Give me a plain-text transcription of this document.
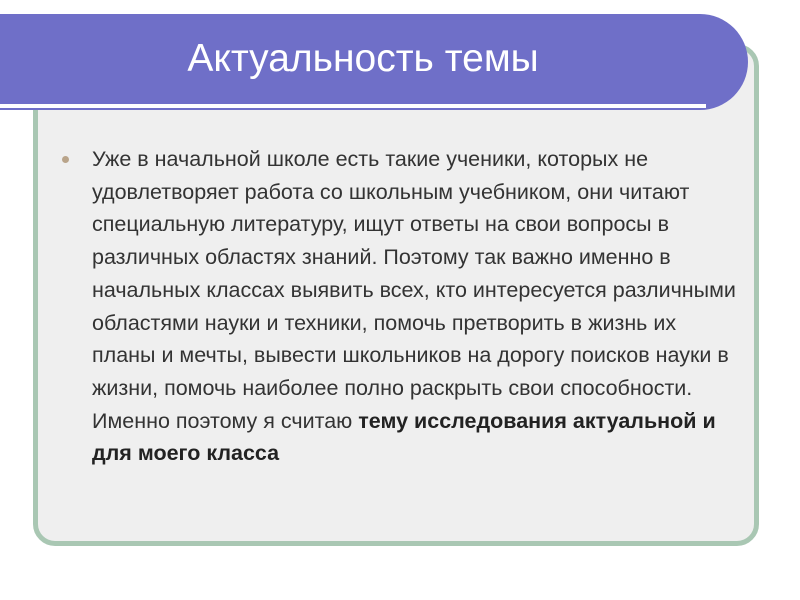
Актуальность темы
Уже в начальной школе есть такие ученики, которых не удовлетворяет работа со школьным учебником, они читают специальную литературу, ищут ответы на свои вопросы в различных областях знаний. Поэтому так важно именно в начальных классах выявить всех, кто интересуется различными областями науки и техники, помочь претворить в жизнь их планы и мечты, вывести школьников на дорогу поисков науки в жизни, помочь наиболее полно раскрыть свои способности. Именно поэтому я считаю тему исследования актуальной и для моего класса
